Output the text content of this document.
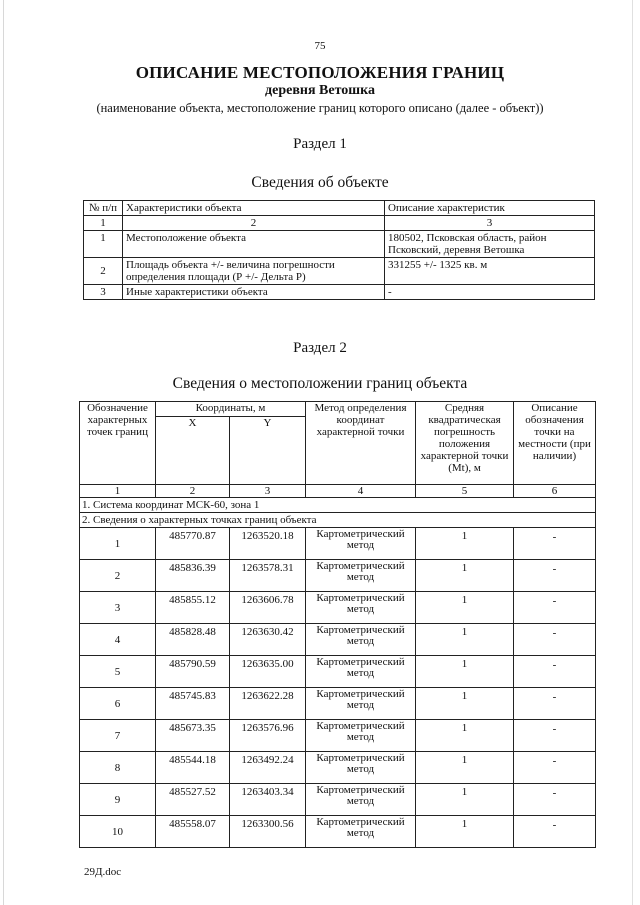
75
ОПИСАНИЕ МЕСТОПОЛОЖЕНИЯ ГРАНИЦ
деревня Ветошка
(наименование объекта, местоположение границ которого описано (далее - объект))
Раздел 1
Сведения об объекте
№ п/п	Характеристики объекта	Описание характеристик
1	2	3
1	Местоположение объекта	180502, Псковская область, район Псковский, деревня Ветошка
2	Площадь объекта +/- величина погрешности определения площади (Р +/- Дельта Р)	331255 +/- 1325 кв. м
3	Иные характеристики объекта	-
Раздел 2
Сведения о местоположении границ объекта
Обозначение характерных точек границ	Координаты, м		Метод определения координат характерной точки	Средняя квадратическая погрешность положения характерной точки (Mt), м	Описание обозначения точки на местности (при наличии)
	X	Y			
1	2	3	4	5	6
1. Система координат МСК-60, зона 1					
2. Сведения о характерных точках границ объекта					
1	485770.87	1263520.18	Картометрический метод	1	-
2	485836.39	1263578.31	Картометрический метод	1	-
3	485855.12	1263606.78	Картометрический метод	1	-
4	485828.48	1263630.42	Картометрический метод	1	-
5	485790.59	1263635.00	Картометрический метод	1	-
6	485745.83	1263622.28	Картометрический метод	1	-
7	485673.35	1263576.96	Картометрический метод	1	-
8	485544.18	1263492.24	Картометрический метод	1	-
9	485527.52	1263403.34	Картометрический метод	1	-
10	485558.07	1263300.56	Картометрический метод	1	-
29Д.doc
